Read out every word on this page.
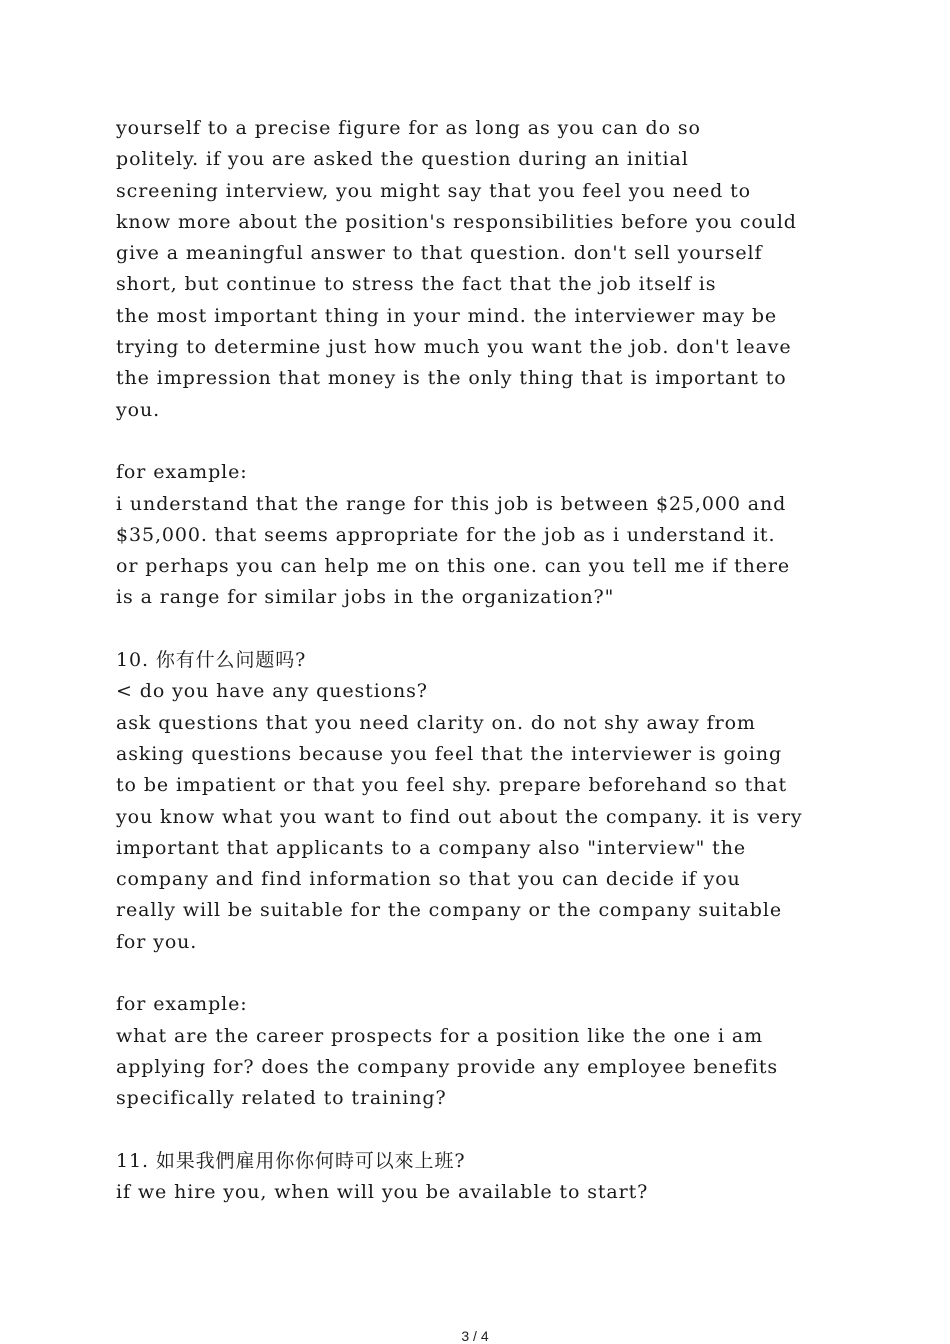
yourself to a precise figure for as long as you can do so
politely. if you are asked the question during an initial
screening interview, you might say that you feel you need to
know more about the position's responsibilities before you could
give a meaningful answer to that question. don't sell yourself
short, but continue to stress the fact that the job itself is
the most important thing in your mind. the interviewer may be
trying to determine just how much you want the job. don't leave
the impression that money is the only thing that is important to
you.
for example:
i understand that the range for this job is between $25,000 and
$35,000. that seems appropriate for the job as i understand it.
or perhaps you can help me on this one. can you tell me if there
is a range for similar jobs in the organization?"
10. 你有什么问题吗?
< do you have any questions?
ask questions that you need clarity on. do not shy away from
asking questions because you feel that the interviewer is going
to be impatient or that you feel shy. prepare beforehand so that
you know what you want to find out about the company. it is very
important that applicants to a company also "interview" the
company and find information so that you can decide if you
really will be suitable for the company or the company suitable
for you.
for example:
what are the career prospects for a position like the one i am
applying for? does the company provide any employee benefits
specifically related to training?
11. 如果我們雇用你你何時可以來上班?
if we hire you, when will you be available to start?
3 / 4
